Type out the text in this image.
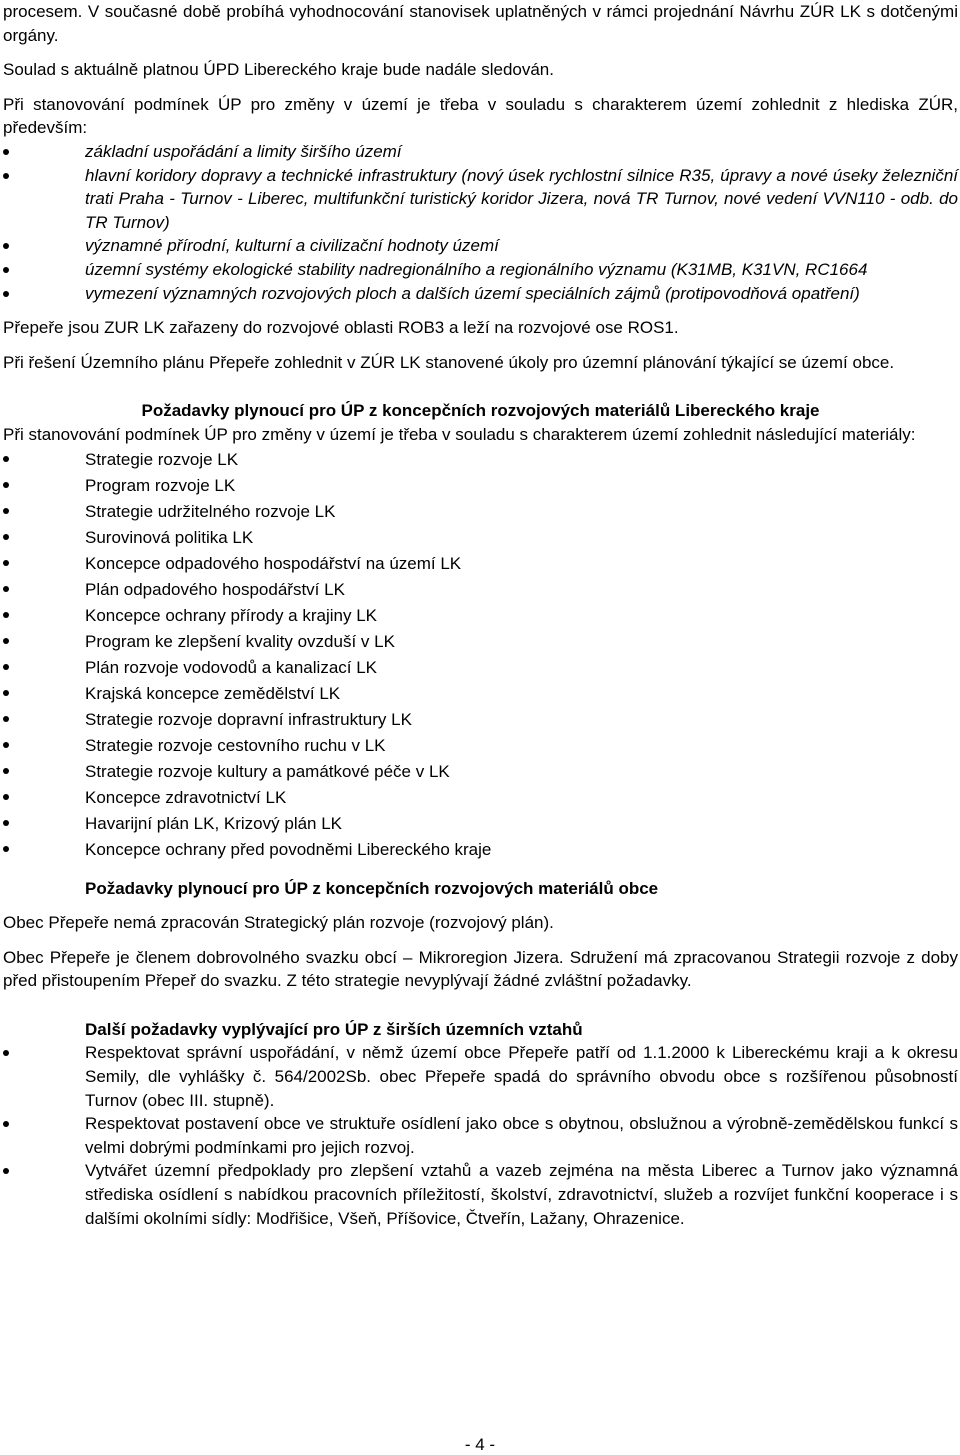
procesem. V současné době probíhá vyhodnocování stanovisek uplatněných v rámci projednání Návrhu ZÚR LK s dotčenými orgány.

Soulad s aktuálně platnou ÚPD Libereckého kraje bude nadále sledován.

Při stanovování podmínek ÚP pro změny v území je třeba v souladu s charakterem území zohlednit z hlediska ZÚR, především:

základní uspořádání a limity širšího území
hlavní koridory dopravy a technické infrastruktury (nový úsek rychlostní silnice R35, úpravy a nové úseky železniční trati Praha - Turnov - Liberec, multifunkční turistický koridor Jizera, nová TR Turnov, nové vedení VVN110 - odb. do TR Turnov)
významné přírodní, kulturní a civilizační hodnoty území
územní systémy ekologické stability nadregionálního a regionálního významu (K31MB, K31VN, RC1664
vymezení významných rozvojových ploch a dalších území speciálních zájmů (protipovodňová opatření)

Přepeře jsou ZUR LK zařazeny do rozvojové oblasti ROB3 a leží na rozvojové ose ROS1.

Při řešení Územního plánu Přepeře zohlednit v ZÚR LK stanovené úkoly pro územní plánování týkající se území obce.

Požadavky plynoucí pro ÚP z koncepčních rozvojových materiálů Libereckého kraje

Při stanovování podmínek ÚP pro změny v území je třeba v souladu s charakterem území zohlednit následující materiály:

Strategie rozvoje LK
Program rozvoje LK
Strategie udržitelného rozvoje LK
Surovinová politika LK
Koncepce odpadového hospodářství na území LK
Plán odpadového hospodářství LK
Koncepce ochrany přírody a krajiny LK
Program ke zlepšení kvality ovzduší v LK
Plán rozvoje vodovodů a kanalizací LK
Krajská koncepce zemědělství LK
Strategie rozvoje dopravní infrastruktury LK
Strategie rozvoje cestovního ruchu v LK
Strategie rozvoje kultury a památkové péče v LK
Koncepce zdravotnictví LK
Havarijní plán LK, Krizový plán LK
Koncepce ochrany před povodněmi Libereckého kraje

Požadavky plynoucí pro ÚP z koncepčních rozvojových materiálů obce

Obec Přepeře nemá zpracován Strategický plán rozvoje (rozvojový plán).

Obec Přepeře je členem dobrovolného svazku obcí – Mikroregion Jizera. Sdružení má zpracovanou Strategii rozvoje z doby před přistoupením Přepeř do svazku. Z této strategie nevyplývají žádné zvláštní požadavky.

Další požadavky vyplývající pro ÚP z širších územních vztahů

Respektovat správní uspořádání, v němž území obce Přepeře patří od 1.1.2000 k Libereckému kraji a k okresu Semily, dle vyhlášky č. 564/2002Sb. obec Přepeře spadá do správního obvodu obce s rozšířenou působností Turnov (obec III. stupně).
Respektovat postavení obce ve struktuře osídlení jako obce s obytnou, obslužnou a výrobně-zemědělskou funkcí s velmi dobrými podmínkami pro jejich rozvoj.
Vytvářet územní předpoklady pro zlepšení vztahů a vazeb zejména na města Liberec a Turnov jako významná střediska osídlení s nabídkou pracovních příležitostí, školství, zdravotnictví, služeb a rozvíjet funkční kooperace i s dalšími okolními sídly: Modřišice, Všeň, Příšovice, Čtveřín, Lažany, Ohrazenice.
- 4 -
